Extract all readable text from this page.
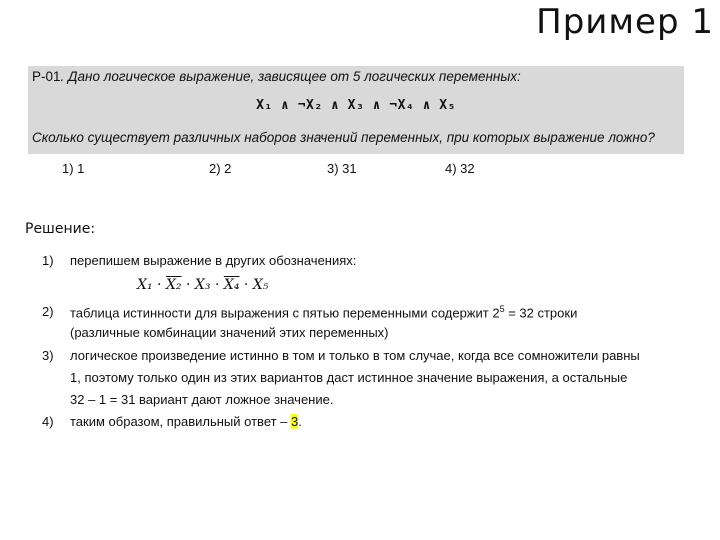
Пример 1
Р-01. Дано логическое выражение, зависящее от 5 логических переменных:
X₁ ∧ ¬X₂ ∧ X₃ ∧ ¬X₄ ∧ X₅
Сколько существует различных наборов значений переменных, при которых выражение ложно?
1) 1	2) 2	3) 31	4) 32
Решение:
1) перепишем выражение в других обозначениях:
X₁ · X₂ · X₃ · X₄ · X₅
2) таблица истинности для выражения с пятью переменными содержит $2^5 = 32$ строки
(различные комбинации значений этих переменных)
3) логическое произведение истинно в том и только в том случае, когда все сомножители равны
1, поэтому только один из этих вариантов даст истинное значение выражения, а остальные
32 – 1 = 31 вариант дают ложное значение.
4) таким образом, правильный ответ – 3.
